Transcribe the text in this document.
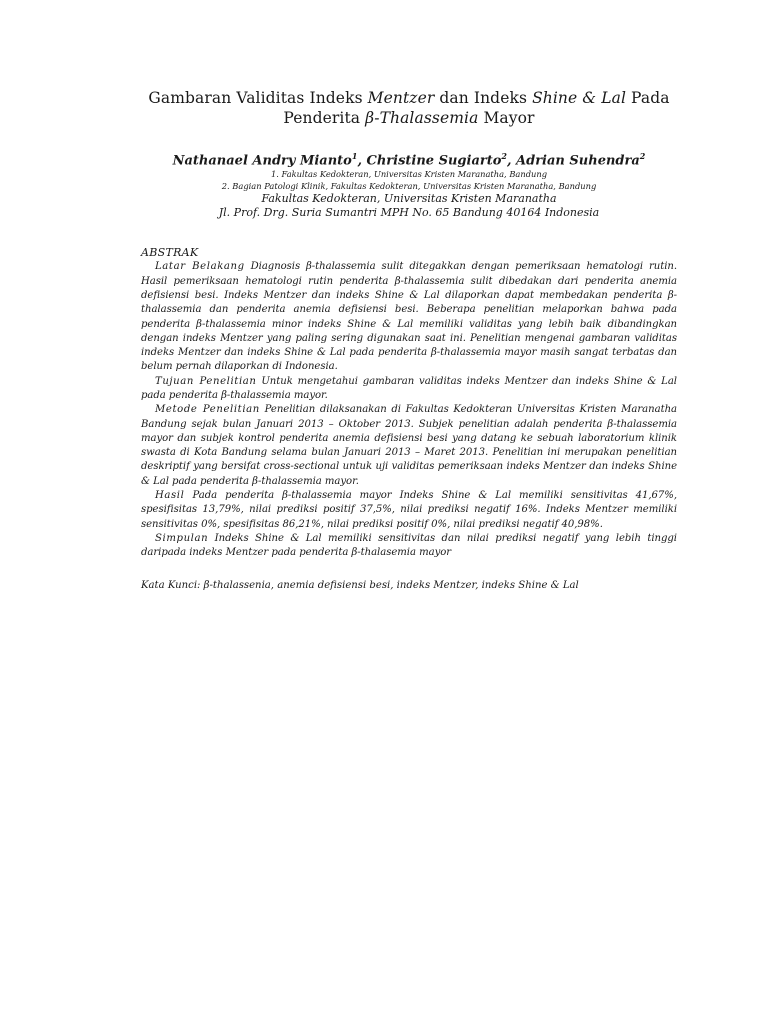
Gambaran Validitas Indeks Mentzer dan Indeks Shine & Lal Pada
Penderita β-Thalassemia Mayor
Nathanael Andry Mianto$^1$, Christine Sugiarto$^2$, Adrian Suhendra$^2$
1. Fakultas Kedokteran, Universitas Kristen Maranatha, Bandung
2. Bagian Patologi Klinik, Fakultas Kedokteran, Universitas Kristen Maranatha, Bandung
Fakultas Kedokteran, Universitas Kristen Maranatha
Jl. Prof. Drg. Suria Sumantri MPH No. 65 Bandung 40164 Indonesia
ABSTRAK

Latar Belakang Diagnosis β-thalassemia sulit ditegakkan dengan pemeriksaan hematologi rutin. Hasil pemeriksaan hematologi rutin penderita β-thalassemia sulit dibedakan dari penderita anemia defisiensi besi. Indeks Mentzer dan indeks Shine & Lal dilaporkan dapat membedakan penderita β-thalassemia dan penderita anemia defisiensi besi. Beberapa penelitian melaporkan bahwa pada penderita β-thalassemia minor indeks Shine & Lal memiliki validitas yang lebih baik dibandingkan dengan indeks Mentzer yang paling sering digunakan saat ini. Penelitian mengenai gambaran validitas indeks Mentzer dan indeks Shine & Lal pada penderita β-thalassemia mayor masih sangat terbatas dan belum pernah dilaporkan di Indonesia.

Tujuan Penelitian Untuk mengetahui gambaran validitas indeks Mentzer dan indeks Shine & Lal pada penderita β-thalassemia mayor.

Metode Penelitian Penelitian dilaksanakan di Fakultas Kedokteran Universitas Kristen Maranatha Bandung sejak bulan Januari 2013 – Oktober 2013. Subjek penelitian adalah penderita β-thalassemia mayor dan subjek kontrol penderita anemia defisiensi besi yang datang ke sebuah laboratorium klinik swasta di Kota Bandung selama bulan Januari 2013 – Maret 2013. Penelitian ini merupakan penelitian deskriptif yang bersifat cross-sectional untuk uji validitas pemeriksaan indeks Mentzer dan indeks Shine & Lal pada penderita β-thalassemia mayor.

Hasil Pada penderita β-thalassemia mayor Indeks Shine & Lal memiliki sensitivitas 41,67%, spesifisitas 13,79%, nilai prediksi positif 37,5%, nilai prediksi negatif 16%. Indeks Mentzer memiliki sensitivitas 0%, spesifisitas 86,21%, nilai prediksi positif 0%, nilai prediksi negatif 40,98%.

Simpulan Indeks Shine & Lal memiliki sensitivitas dan nilai prediksi negatif yang lebih tinggi daripada indeks Mentzer pada penderita β-thalasemia mayor

Kata Kunci: β-thalassenia, anemia defisiensi besi, indeks Mentzer, indeks Shine & Lal
